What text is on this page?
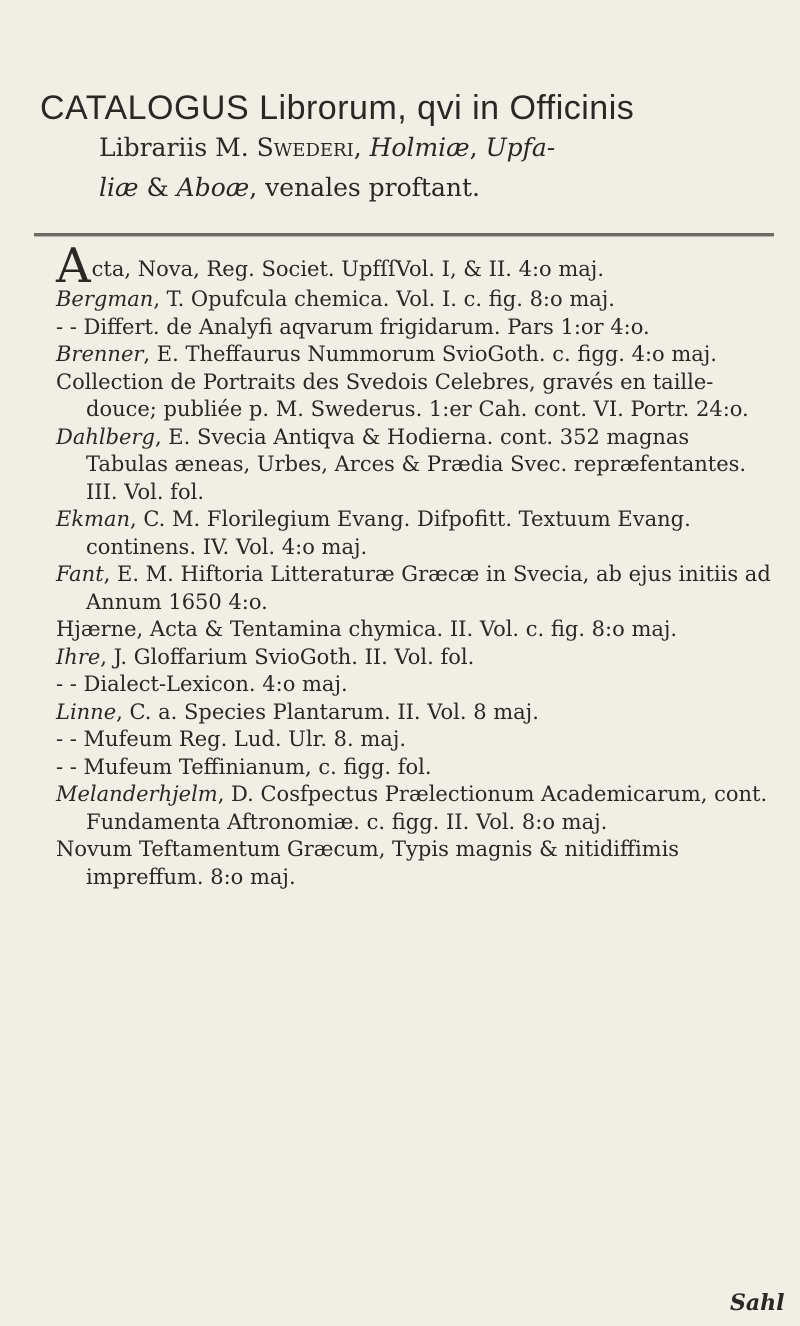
CATALOGUS Librorum, qvi in Officinis
Librariis M. Swederi, Holmiæ, Upfa-
liæ & Aboæ, venales proftant.

Acta, Nova, Reg. Societ. UpfſſVol. I, & II. 4:o maj.

Bergman, T. Opufcula chemica. Vol. I. c. fig. 8:o maj.

- - Differt. de Analyfi aqvarum frigidarum. Pars 1:or 4:o.

Brenner, E. Theffaurus Nummorum SvioGoth. c. figg. 4:o maj.

Collection de Portraits des Svedois Celebres, gravés en taille-douce; publiée p. M. Swederus. 1:er Cah. cont. VI. Portr. 24:o.

Dahlberg, E. Svecia Antiqva & Hodierna. cont. 352 magnas Tabulas æneas, Urbes, Arces & Prædia Svec. repræfentantes. III. Vol. fol.

Ekman, C. M. Florilegium Evang. Difpofitt. Textuum Evang. continens. IV. Vol. 4:o maj.

Fant, E. M. Hiftoria Litteraturæ Græcæ in Svecia, ab ejus initiis ad Annum 1650 4:o.

Hjærne, Acta & Tentamina chymica. II. Vol. c. fig. 8:o maj.

Ihre, J. Gloffarium SvioGoth. II. Vol. fol.

- - Dialect-Lexicon. 4:o maj.

Linne, C. a. Species Plantarum. II. Vol. 8 maj.

- - Mufeum Reg. Lud. Ulr. 8. maj.

- - Mufeum Teffinianum, c. figg. fol.

Melanderhjelm, D. Cosfpectus Prælectionum Academicarum, cont. Fundamenta Aftronomiæ. c. figg. II. Vol. 8:o maj.

Novum Teftamentum Græcum, Typis magnis & nitidiffimis impreffum. 8:o maj.

Sahl
